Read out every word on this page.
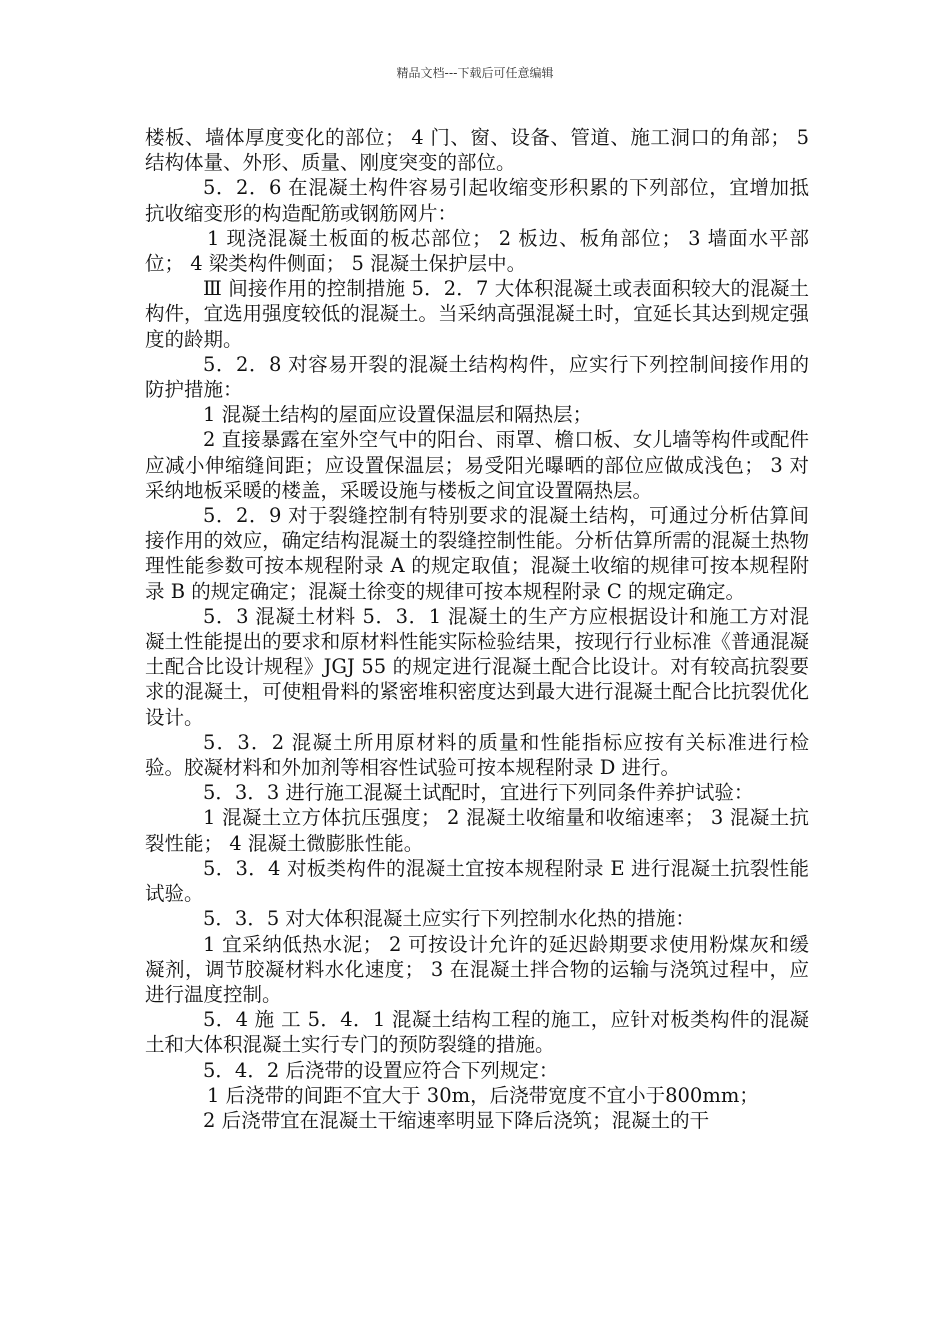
精品文档---下载后可任意编辑

楼板、墙体厚度变化的部位； 4 门、窗、设备、管道、施工洞口的角部； 5 结构体量、外形、质量、刚度突变的部位。

5．2．6 在混凝土构件容易引起收缩变形积累的下列部位，宜增加抵抗收缩变形的构造配筋或钢筋网片：

1 现浇混凝土板面的板芯部位； 2 板边、板角部位； 3 墙面水平部位； 4 梁类构件侧面； 5 混凝土保护层中。

Ⅲ 间接作用的控制措施 5．2．7 大体积混凝土或表面积较大的混凝土构件，宜选用强度较低的混凝土。当采纳高强混凝土时，宜延长其达到规定强度的龄期。

5．2．8 对容易开裂的混凝土结构构件，应实行下列控制间接作用的防护措施：

1 混凝土结构的屋面应设置保温层和隔热层；

2 直接暴露在室外空气中的阳台、雨罩、檐口板、女儿墙等构件或配件应减小伸缩缝间距；应设置保温层；易受阳光曝晒的部位应做成浅色； 3 对采纳地板采暖的楼盖，采暖设施与楼板之间宜设置隔热层。

5．2．9 对于裂缝控制有特别要求的混凝土结构，可通过分析估算间接作用的效应，确定结构混凝土的裂缝控制性能。分析估算所需的混凝土热物理性能参数可按本规程附录 A 的规定取值；混凝土收缩的规律可按本规程附录 B 的规定确定；混凝土徐变的规律可按本规程附录 C 的规定确定。

5．3 混凝土材料 5．3．1 混凝土的生产方应根据设计和施工方对混凝土性能提出的要求和原材料性能实际检验结果，按现行行业标准《普通混凝土配合比设计规程》JGJ 55 的规定进行混凝土配合比设计。对有较高抗裂要求的混凝土，可使粗骨料的紧密堆积密度达到最大进行混凝土配合比抗裂优化设计。

5．3．2 混凝土所用原材料的质量和性能指标应按有关标准进行检验。胶凝材料和外加剂等相容性试验可按本规程附录 D 进行。

5．3．3 进行施工混凝土试配时，宜进行下列同条件养护试验：

1 混凝土立方体抗压强度； 2 混凝土收缩量和收缩速率； 3 混凝土抗裂性能； 4 混凝土微膨胀性能。

5．3．4 对板类构件的混凝土宜按本规程附录 E 进行混凝土抗裂性能试验。

5．3．5 对大体积混凝土应实行下列控制水化热的措施：

1 宜采纳低热水泥； 2 可按设计允许的延迟龄期要求使用粉煤灰和缓凝剂，调节胶凝材料水化速度； 3 在混凝土拌合物的运输与浇筑过程中，应进行温度控制。

5．4 施 工 5．4．1 混凝土结构工程的施工，应针对板类构件的混凝土和大体积混凝土实行专门的预防裂缝的措施。

5．4．2 后浇带的设置应符合下列规定：

1 后浇带的间距不宜大于 30m，后浇带宽度不宜小于800mm；

2 后浇带宜在混凝土干缩速率明显下降后浇筑；混凝土的干
